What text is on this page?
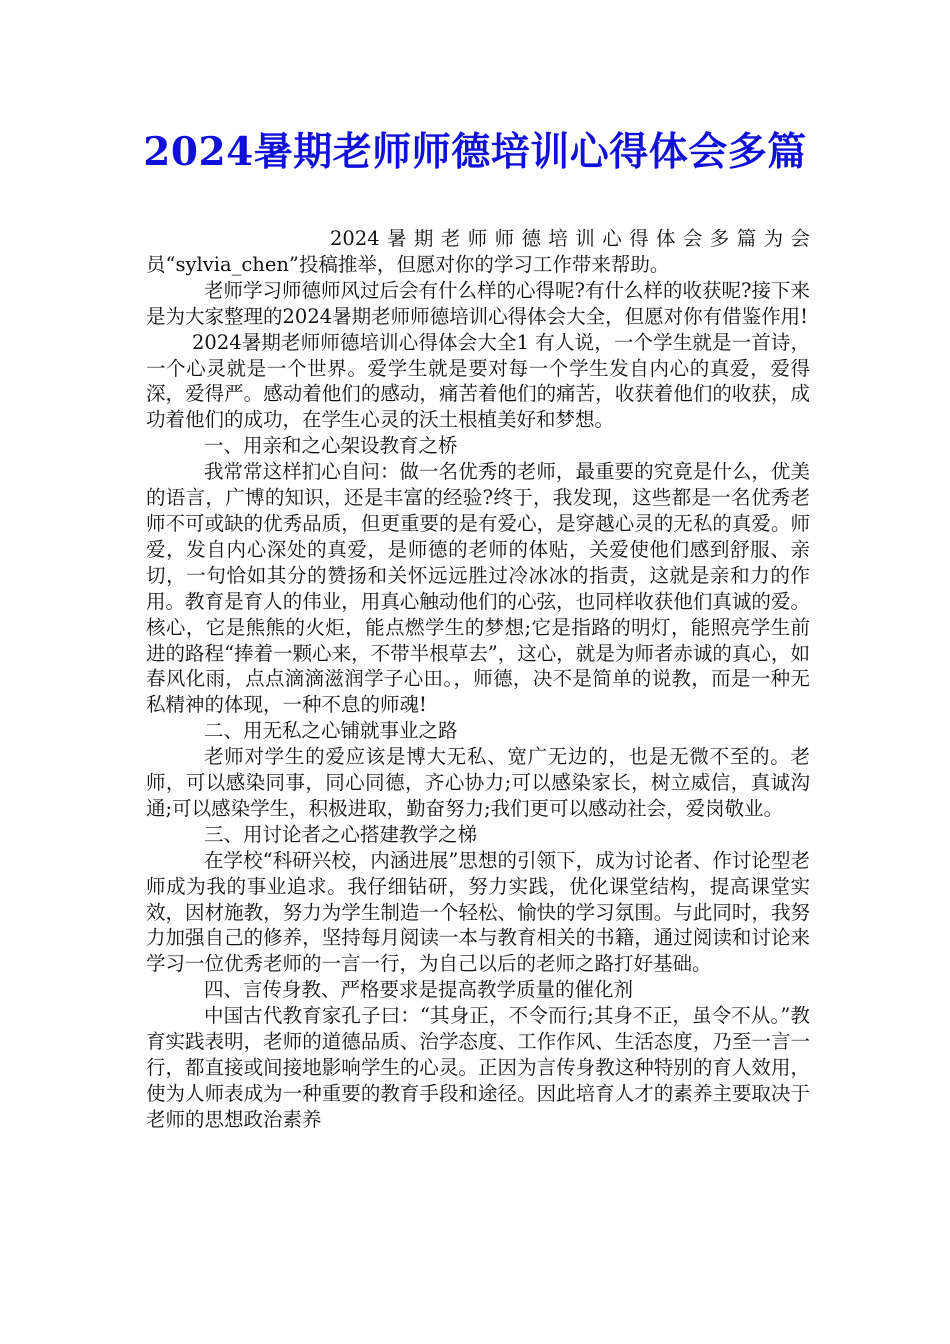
2024暑期老师师德培训心得体会多篇

2024暑期老师师德培训心得体会多篇为会员“sylvia_chen”投稿推举，但愿对你的学习工作带来帮助。

老师学习师德师风过后会有什么样的心得呢?有什么样的收获呢?接下来是为大家整理的2024暑期老师师德培训心得体会大全，但愿对你有借鉴作用!

2024暑期老师师德培训心得体会大全1 有人说，一个学生就是一首诗，一个心灵就是一个世界。爱学生就是要对每一个学生发自内心的真爱，爱得深，爱得严。感动着他们的感动，痛苦着他们的痛苦，收获着他们的收获，成功着他们的成功，在学生心灵的沃土根植美好和梦想。

一、用亲和之心架设教育之桥

我常常这样扪心自问：做一名优秀的老师，最重要的究竟是什么，优美的语言，广博的知识，还是丰富的经验?终于，我发现，这些都是一名优秀老师不可或缺的优秀品质，但更重要的是有爱心，是穿越心灵的无私的真爱。师爱，发自内心深处的真爱，是师德的老师的体贴，关爱使他们感到舒服、亲切，一句恰如其分的赞扬和关怀远远胜过冷冰冰的指责，这就是亲和力的作用。教育是育人的伟业，用真心触动他们的心弦，也同样收获他们真诚的爱。核心，它是熊熊的火炬，能点燃学生的梦想;它是指路的明灯，能照亮学生前进的路程“捧着一颗心来，不带半根草去”，这心，就是为师者赤诚的真心，如春风化雨，点点滴滴滋润学子心田。，师德，决不是简单的说教，而是一种无私精神的体现，一种不息的师魂!

二、用无私之心铺就事业之路

老师对学生的爱应该是博大无私、宽广无边的，也是无微不至的。老师，可以感染同事，同心同德，齐心协力;可以感染家长，树立威信，真诚沟通;可以感染学生，积极进取，勤奋努力;我们更可以感动社会，爱岗敬业。

三、用讨论者之心搭建教学之梯

在学校“科研兴校，内涵进展”思想的引领下，成为讨论者、作讨论型老师成为我的事业追求。我仔细钻研，努力实践，优化课堂结构，提高课堂实效，因材施教，努力为学生制造一个轻松、愉快的学习氛围。与此同时，我努力加强自己的修养，坚持每月阅读一本与教育相关的书籍，通过阅读和讨论来学习一位优秀老师的一言一行，为自己以后的老师之路打好基础。

四、言传身教、严格要求是提高教学质量的催化剂

中国古代教育家孔子曰：“其身正，不令而行;其身不正，虽令不从。”教育实践表明，老师的道德品质、治学态度、工作作风、生活态度，乃至一言一行，都直接或间接地影响学生的心灵。正因为言传身教这种特别的育人效用，使为人师表成为一种重要的教育手段和途径。因此培育人才的素养主要取决于老师的思想政治素养
